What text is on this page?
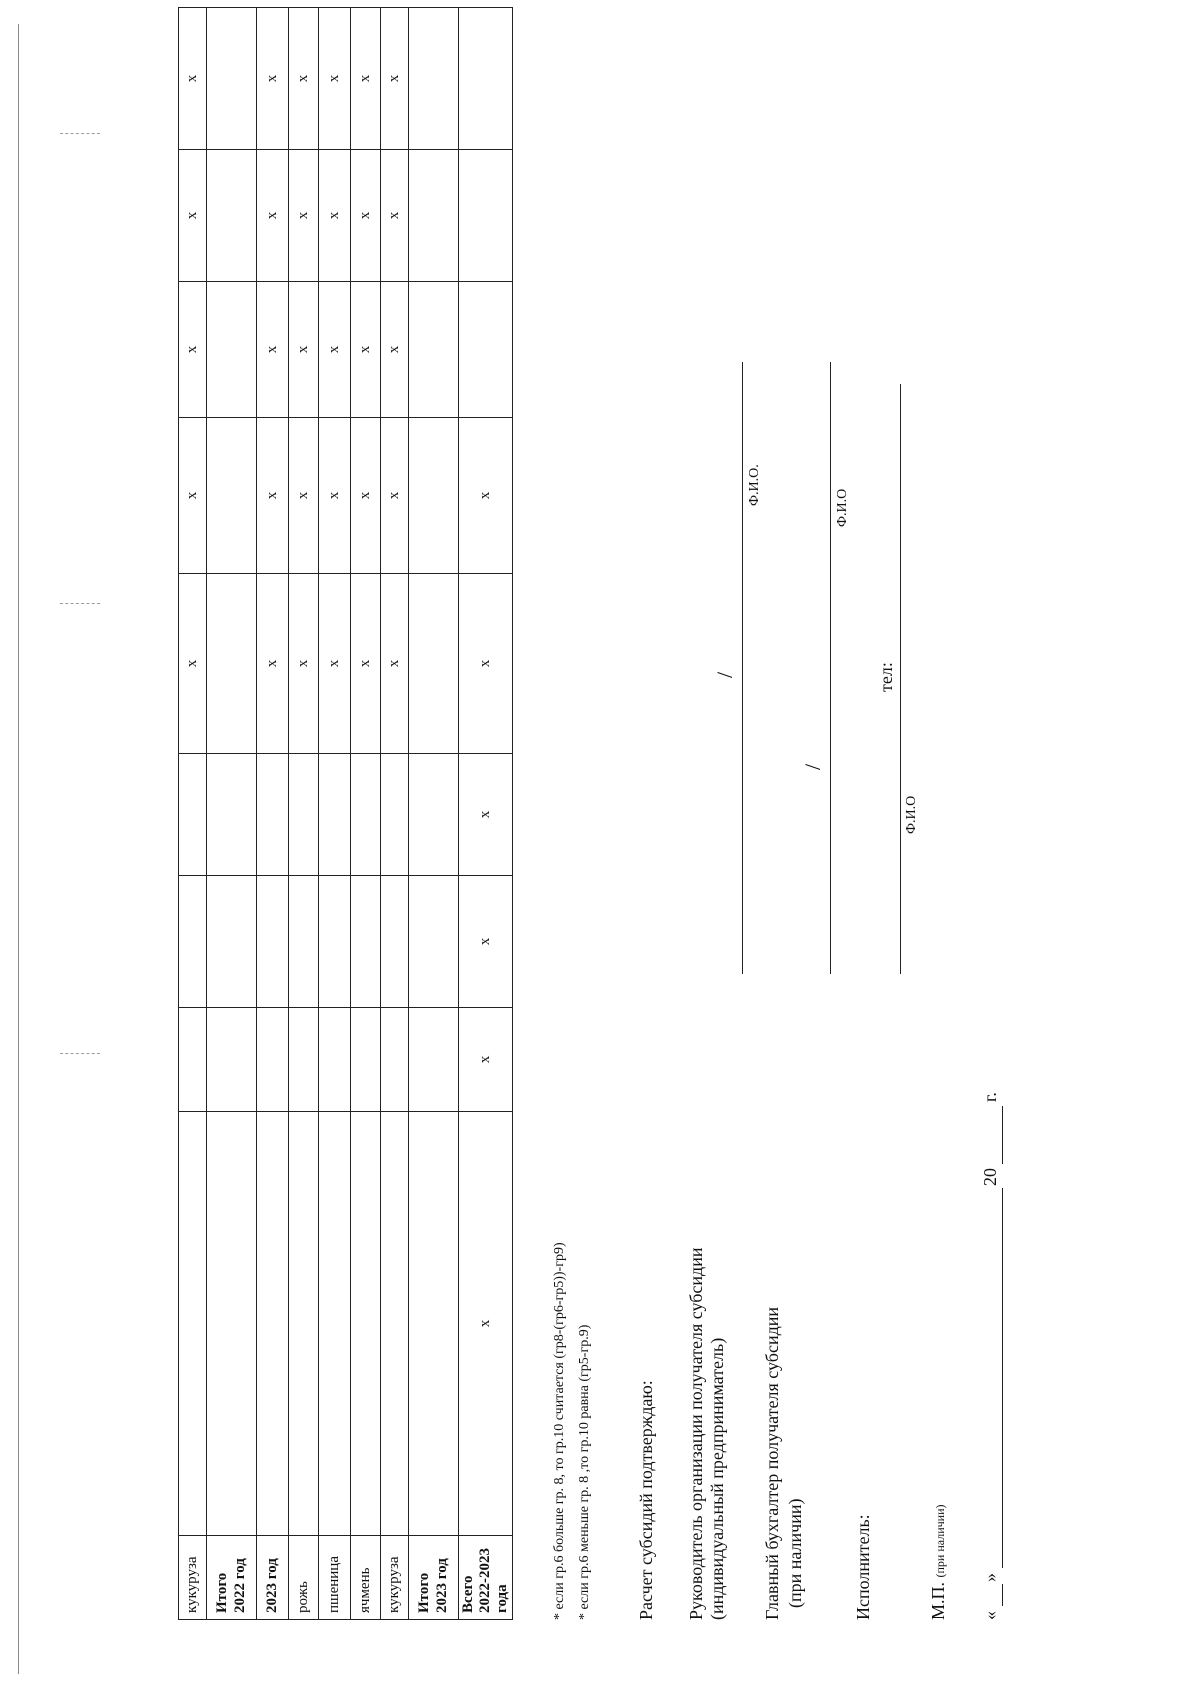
кукуруза					x	x	x	x	x
Итого 2022 год									
2023 год					x	x	x	x	x
рожь					x	x	x	x	x
пшеница					x	x	x	x	x
ячмень					x	x	x	x	x
кукуруза					x	x	x	x	x
Итого 2023 год									
Всего 2022-2023 года	x	x	x	x	x	x			
* если гр.6 больше гр. 8, то гр.10 считается (гр8-(гр6-гр5))-гр9) * если гр.6 меньше гр. 8 ,то гр.10 равна (гр5-гр.9) Расчет субсидий подтверждаю: Руководитель организации получателя субсидии (индивидуальный предприниматель)
/
Ф.И.О.
Главный бухгалтер получателя субсидии (при наличии)
/
Ф.И.О
Исполнитель:
Ф.И.О
тел:
М.П. (при наличии)
«
»
20
г.
